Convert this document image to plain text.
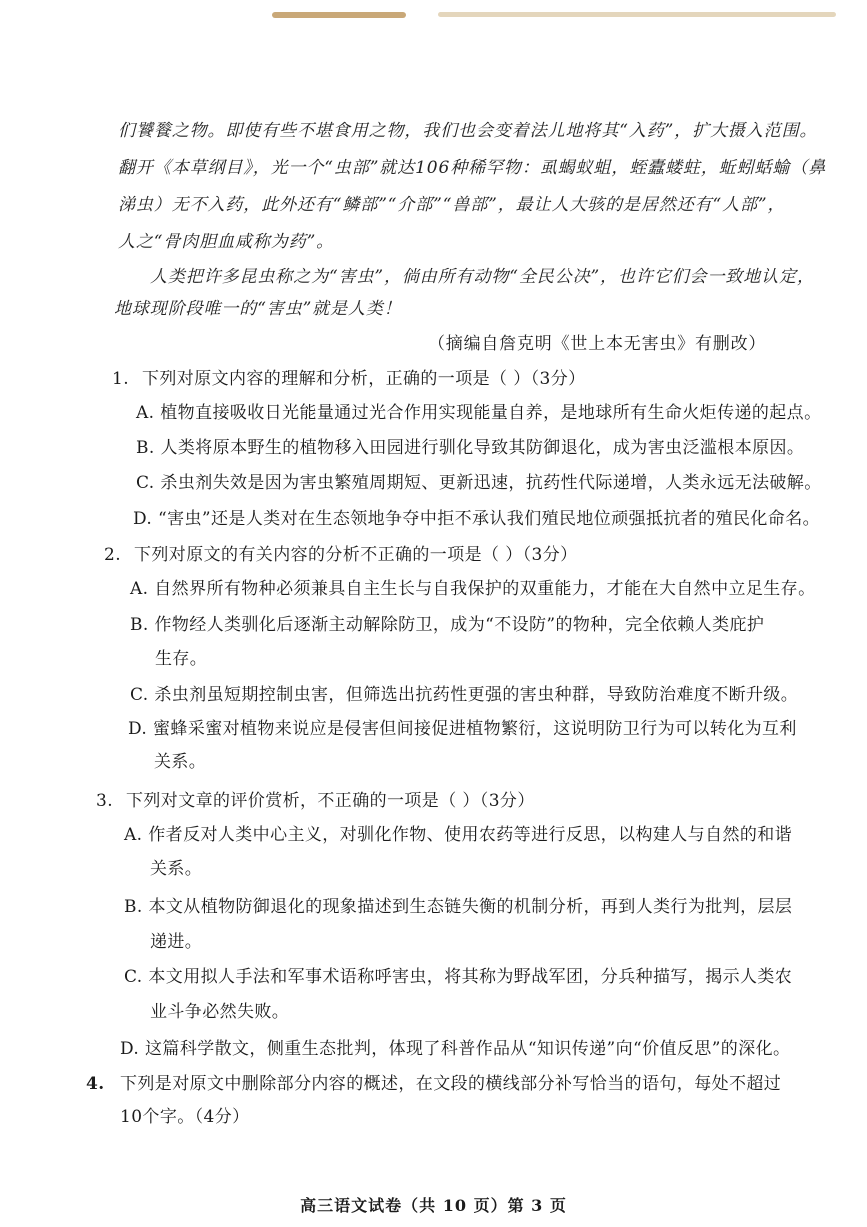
们饕餮之物。即使有些不堪食用之物，我们也会变着法儿地将其“入药”，扩大摄入范围。
翻开《本草纲目》，光一个“虫部”就达106种稀罕物：虱蝎蚁蛆，蛭蠹蝼蛀，蚯蚓蛞蝓（鼻
涕虫）无不入药，此外还有“鳞部”“介部”“兽部”，最让人大骇的是居然还有“人部”，
人之“骨肉胆血咸称为药”。
人类把许多昆虫称之为“害虫”，倘由所有动物“全民公决”，也许它们会一致地认定，
地球现阶段唯一的“害虫”就是人类！
（摘编自詹克明《世上本无害虫》有删改）
1. 下列对原文内容的理解和分析，正确的一项是（ ）（3分）
A. 植物直接吸收日光能量通过光合作用实现能量自养，是地球所有生命火炬传递的起点。
B. 人类将原本野生的植物移入田园进行驯化导致其防御退化，成为害虫泛滥根本原因。
C. 杀虫剂失效是因为害虫繁殖周期短、更新迅速，抗药性代际递增，人类永远无法破解。
D. “害虫”还是人类对在生态领地争夺中拒不承认我们殖民地位顽强抵抗者的殖民化命名。
2. 下列对原文的有关内容的分析不正确的一项是（ ）（3分）
A. 自然界所有物种必须兼具自主生长与自我保护的双重能力，才能在大自然中立足生存。
B. 作物经人类驯化后逐渐主动解除防卫，成为“不设防”的物种，完全依赖人类庇护
生存。
C. 杀虫剂虽短期控制虫害，但筛选出抗药性更强的害虫种群，导致防治难度不断升级。
D. 蜜蜂采蜜对植物来说应是侵害但间接促进植物繁衍，这说明防卫行为可以转化为互利
关系。
3. 下列对文章的评价赏析，不正确的一项是（ ）（3分）
A. 作者反对人类中心主义，对驯化作物、使用农药等进行反思，以构建人与自然的和谐
关系。
B. 本文从植物防御退化的现象描述到生态链失衡的机制分析，再到人类行为批判，层层
递进。
C. 本文用拟人手法和军事术语称呼害虫，将其称为野战军团，分兵种描写，揭示人类农
业斗争必然失败。
D. 这篇科学散文，侧重生态批判，体现了科普作品从“知识传递”向“价值反思”的深化。
4. 下列是对原文中删除部分内容的概述，在文段的横线部分补写恰当的语句，每处不超过
10个字。（4分）
高三语文试卷（共 10 页）第 3 页
